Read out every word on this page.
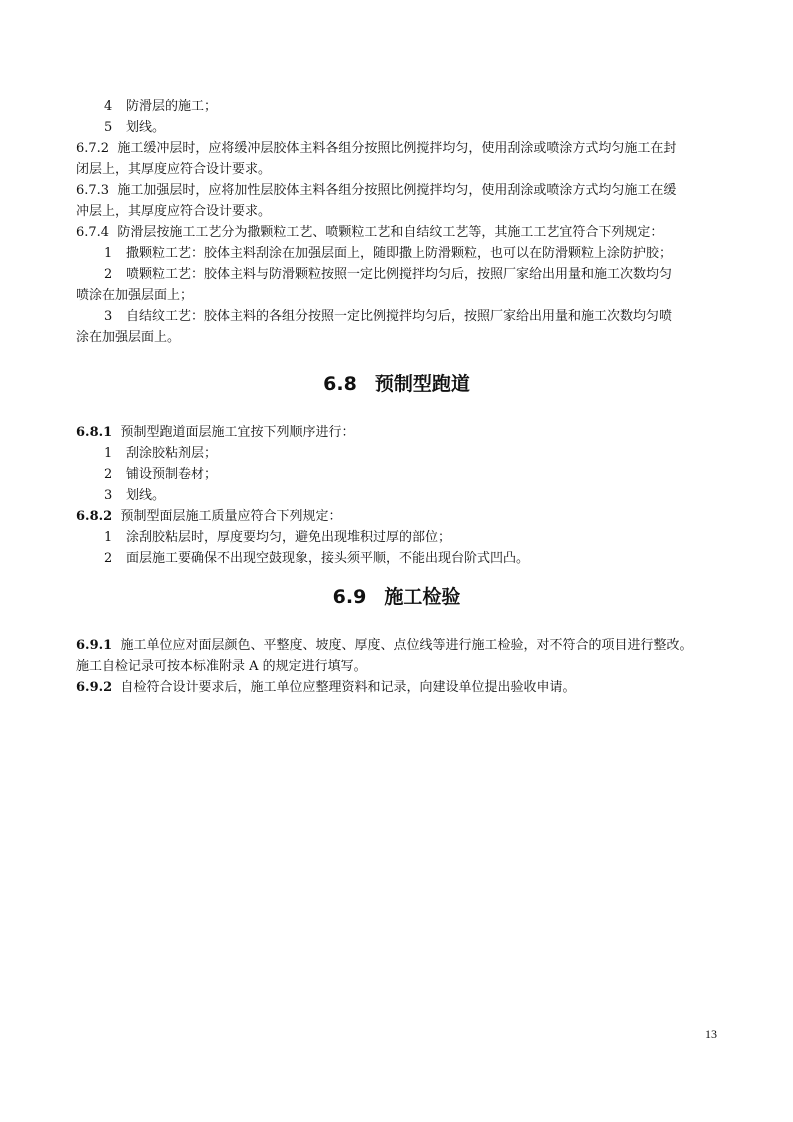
4 防滑层的施工；
5 划线。
6.7.2 施工缓冲层时，应将缓冲层胶体主料各组分按照比例搅拌均匀，使用刮涂或喷涂方式均匀施工在封
闭层上，其厚度应符合设计要求。
6.7.3 施工加强层时，应将加性层胶体主料各组分按照比例搅拌均匀，使用刮涂或喷涂方式均匀施工在缓
冲层上，其厚度应符合设计要求。
6.7.4 防滑层按施工工艺分为撒颗粒工艺、喷颗粒工艺和自结纹工艺等，其施工工艺宜符合下列规定：
1 撒颗粒工艺：胶体主料刮涂在加强层面上，随即撒上防滑颗粒，也可以在防滑颗粒上涂防护胶；
2 喷颗粒工艺：胶体主料与防滑颗粒按照一定比例搅拌均匀后，按照厂家给出用量和施工次数均匀
喷涂在加强层面上；
3 自结纹工艺：胶体主料的各组分按照一定比例搅拌均匀后，按照厂家给出用量和施工次数均匀喷
涂在加强层面上。
6.8 预制型跑道
6.8.1 预制型跑道面层施工宜按下列顺序进行：
1 刮涂胶粘剂层；
2 铺设预制卷材；
3 划线。
6.8.2 预制型面层施工质量应符合下列规定：
1 涂刮胶粘层时，厚度要均匀，避免出现堆积过厚的部位；
2 面层施工要确保不出现空鼓现象，接头须平顺，不能出现台阶式凹凸。
6.9 施工检验
6.9.1 施工单位应对面层颜色、平整度、坡度、厚度、点位线等进行施工检验，对不符合的项目进行整改。
施工自检记录可按本标准附录 A 的规定进行填写。
6.9.2 自检符合设计要求后，施工单位应整理资料和记录，向建设单位提出验收申请。
13
